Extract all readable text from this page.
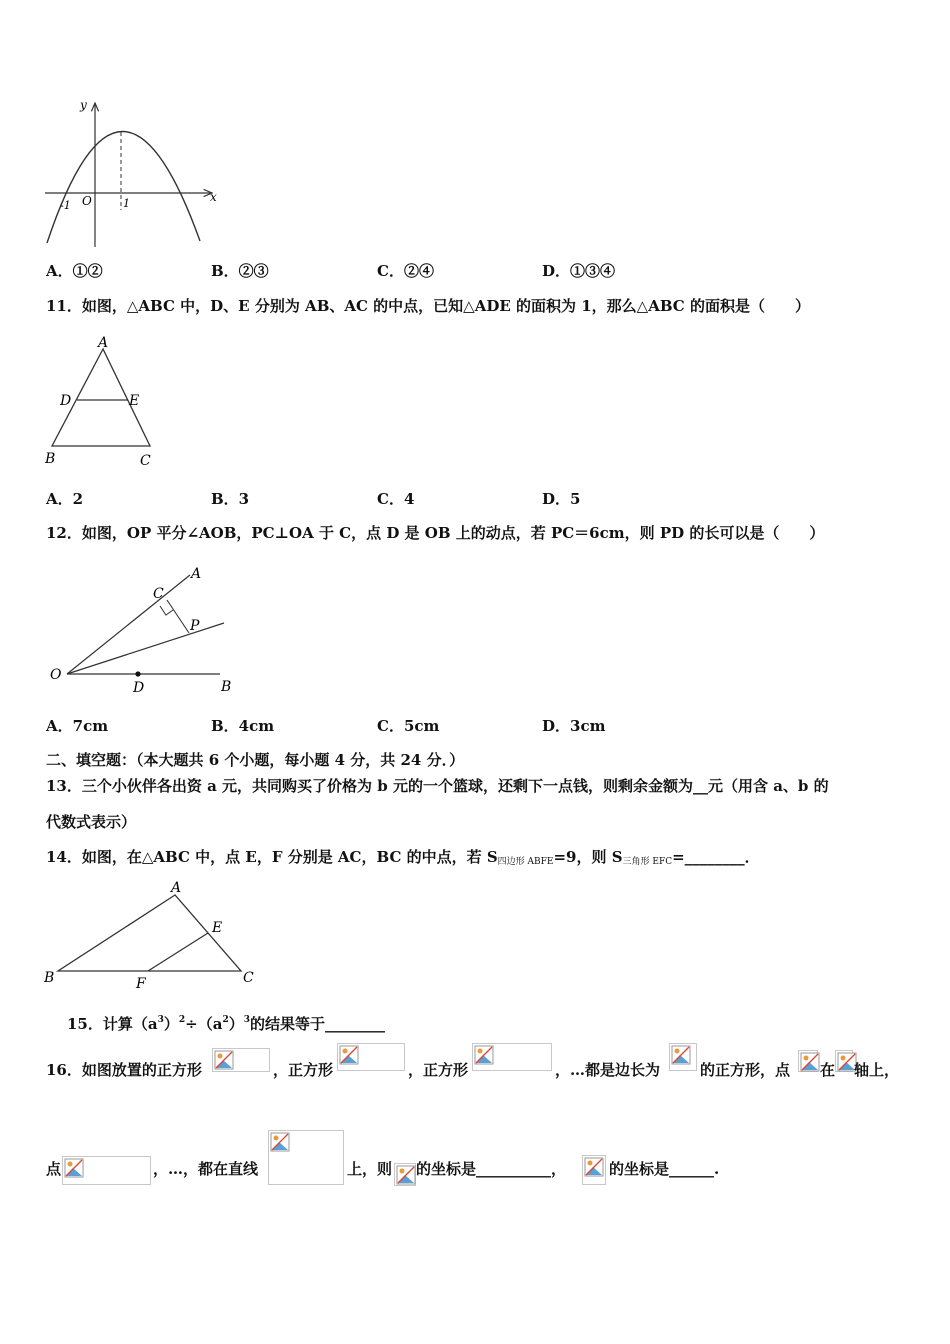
y
x
O
-1	1
A．①②	B．②③	C．②④	D．①③④
11．如图，△ABC 中，D、E 分别为 AB、AC 的中点，已知△ADE 的面积为 1，那么△ABC 的面积是（　　）
A
D	E
B	C
A．2	B．3	C．4	D．5
12．如图，OP 平分∠AOB，PC⊥OA 于 C，点 D 是 OB 上的动点，若 PC＝6cm，则 PD 的长可以是（　　）
O
A
C
P
D	B
A．7cm	B．4cm	C．5cm	D．3cm
二、填空题：（本大题共 6 个小题，每小题 4 分，共 24 分．）
13．三个小伙伴各出资 a 元，共同购买了价格为 b 元的一个篮球，还剩下一点钱，则剩余金额为__元（用含 a、b 的
代数式表示）
14．如图，在△ABC 中，点 E，F 分别是 AC，BC 的中点，若 $S_{四边形 ABFE}=9$，则 $S_{三角形 EFC}=\_\_\_\_\_\_\_\_$．
A
E
B	F	C
15．计算$(a^3)^2\div(a^2)^3$的结果等于________
16．如图放置的正方形	，正方形	，正方形	，…都是边长为	的正方形，点 在 轴上，
点	，…，都在直线	上，则 的坐标是__________，	的坐标是______.
